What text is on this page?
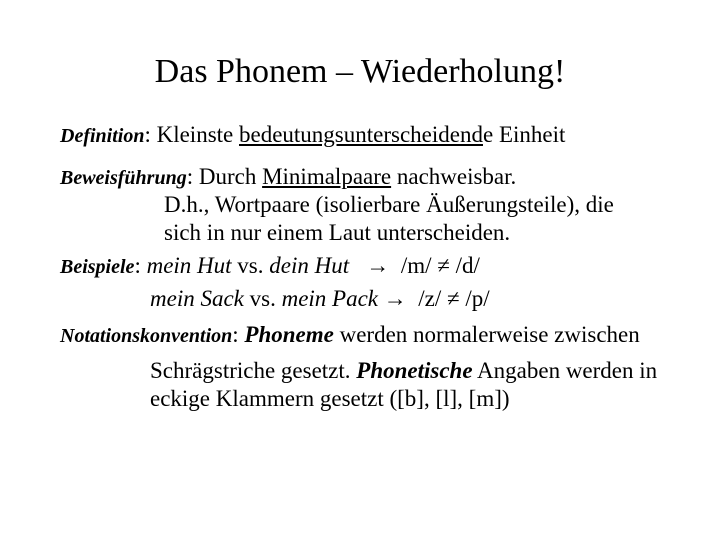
Das Phonem – Wiederholung!
Definition: Kleinste bedeutungsunterscheidende Einheit
Beweisführung: Durch Minimalpaare nachweisbar.
D.h., Wortpaare (isolierbare Äußerungsteile), die
sich in nur einem Laut unterscheiden.
Beispiele: mein Hut vs. dein Hut → /m/ ≠ /d/
mein Sack vs. mein Pack → /z/ ≠ /p/
Notationskonvention: Phoneme werden normalerweise zwischen
Schrägstriche gesetzt. Phonetische Angaben werden in
eckige Klammern gesetzt ([b], [l], [m])
